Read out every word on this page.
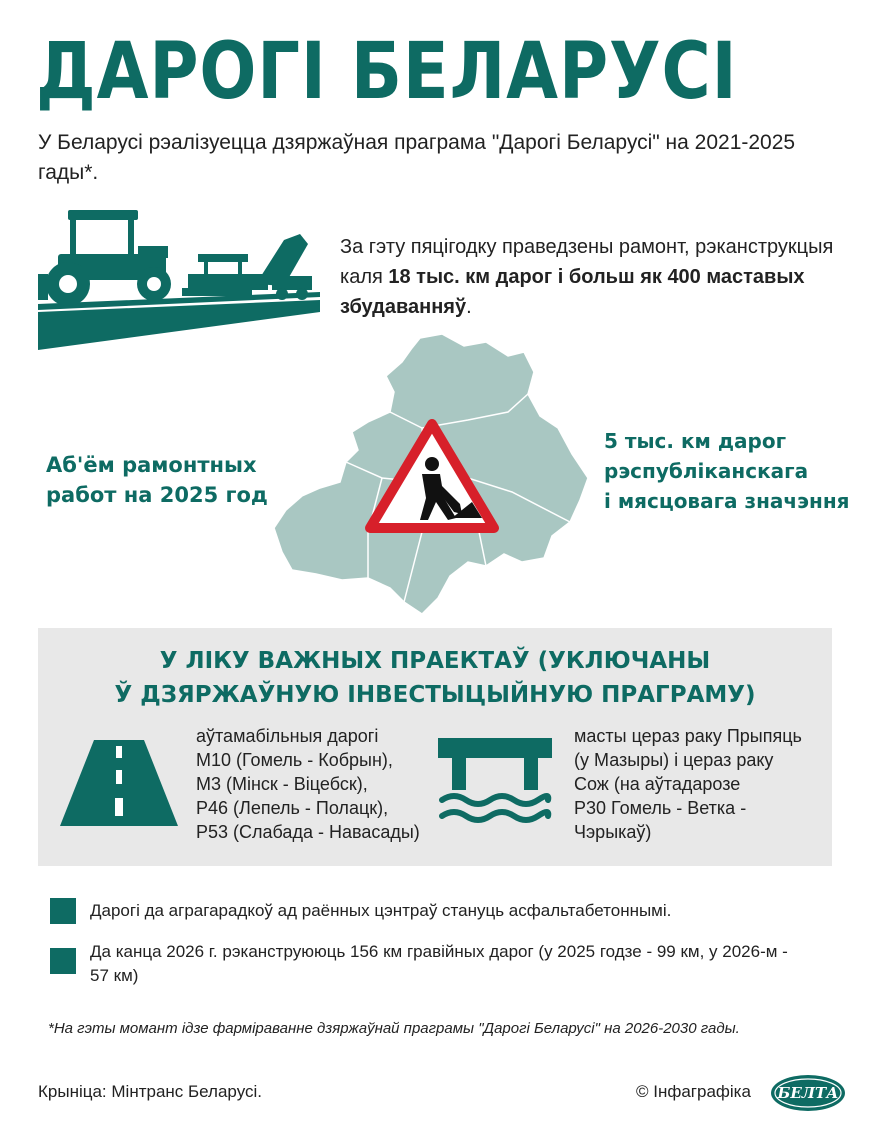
ДАРОГІ БЕЛАРУСІ
У Беларусі рэалізуецца дзяржаўная праграма "Дарогі Беларусі" на 2021-2025 гады*.
За гэту пяцігодку праведзены рамонт, рэканструкцыя каля 18 тыс. км дарог і больш як 400 маставых збудаванняў.
Аб'ём рамонтных работ на 2025 год
5 тыс. км дарог
рэспубліканскага
і мясцовага значэння
У ЛІКУ ВАЖНЫХ ПРАЕКТАЎ (УКЛЮЧАНЫ
Ў ДЗЯРЖАЎНУЮ ІНВЕСТЫЦЫЙНУЮ ПРАГРАМУ)
аўтамабільныя дарогі
М10 (Гомель - Кобрын),
М3 (Мінск - Віцебск),
Р46 (Лепель - Полацк),
Р53 (Слабада - Навасады)
масты цераз раку Прыпяць
(у Мазыры) і цераз раку
Сож (на аўтадарозе
Р30 Гомель - Ветка -
Чэрыкаў)
Дарогі да аграгарадкоў ад раённых цэнтраў стануць асфальтабетоннымі.
Да канца 2026 г. рэканструююць 156 км гравійных дарог (у 2025 годзе - 99 км, у 2026-м - 57 км)
*На гэты момант ідзе фарміраванне дзяржаўнай праграмы "Дарогі Беларусі" на 2026-2030 гады.
Крыніца: Мінтранс Беларусі.	© Інфаграфіка БЕЛТА
